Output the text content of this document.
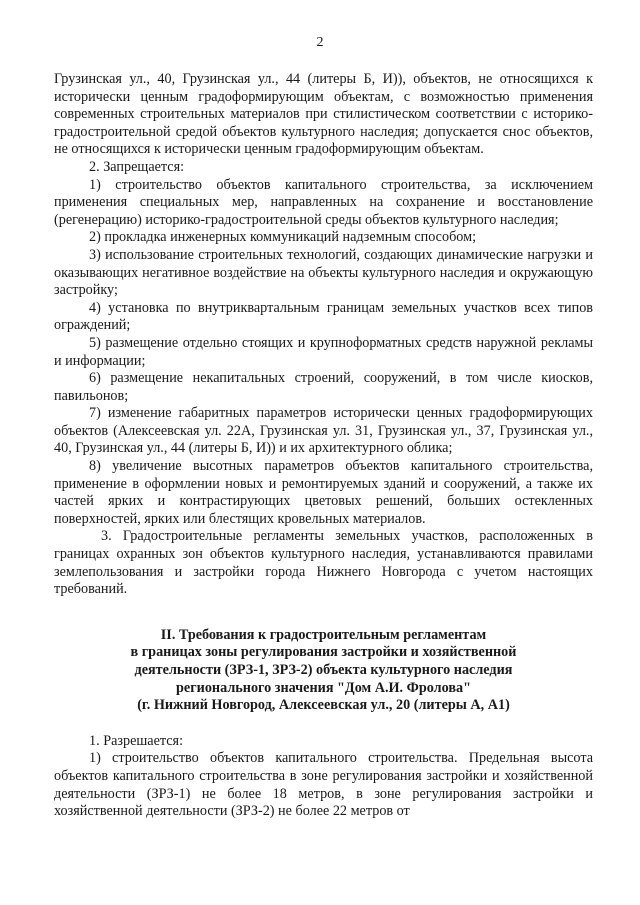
2

Грузинская ул., 40, Грузинская ул., 44 (литеры Б, И)), объектов, не относящихся к исторически ценным градоформирующим объектам, с возможностью применения современных строительных материалов при стилистическом соответствии с историко-градостроительной средой объектов культурного наследия; допускается снос объектов, не относящихся к исторически ценным градоформирующим объектам.

2. Запрещается:

1) строительство объектов капитального строительства, за исключением применения специальных мер, направленных на сохранение и восстановление (регенерацию) историко-градостроительной среды объектов культурного наследия;

2) прокладка инженерных коммуникаций надземным способом;

3) использование строительных технологий, создающих динамические нагрузки и оказывающих негативное воздействие на объекты культурного наследия и окружающую застройку;

4) установка по внутриквартальным границам земельных участков всех типов ограждений;

5) размещение отдельно стоящих и крупноформатных средств наружной рекламы и информации;

6) размещение некапитальных строений, сооружений, в том числе киосков, павильонов;

7) изменение габаритных параметров исторически ценных градоформирующих объектов (Алексеевская ул. 22А, Грузинская ул. 31, Грузинская ул., 37, Грузинская ул., 40, Грузинская ул., 44 (литеры Б, И)) и их архитектурного облика;

8) увеличение высотных параметров объектов капитального строительства, применение в оформлении новых и ремонтируемых зданий и сооружений, а также их частей ярких и контрастирующих цветовых решений, больших остекленных поверхностей, ярких или блестящих кровельных материалов.

3. Градостроительные регламенты земельных участков, расположенных в границах охранных зон объектов культурного наследия, устанавливаются правилами землепользования и застройки города Нижнего Новгорода с учетом настоящих требований.

II. Требования к градостроительным регламентам

в границах зоны регулирования застройки и хозяйственной

деятельности (ЗРЗ-1, ЗРЗ-2) объекта культурного наследия

регионального значения "Дом А.И. Фролова"

(г. Нижний Новгород, Алексеевская ул., 20 (литеры А, А1)

1. Разрешается:

1) строительство объектов капитального строительства. Предельная высота объектов капитального строительства в зоне регулирования застройки и хозяйственной деятельности (ЗРЗ-1) не более 18 метров, в зоне регулирования застройки и хозяйственной деятельности (ЗРЗ-2) не более 22 метров от
